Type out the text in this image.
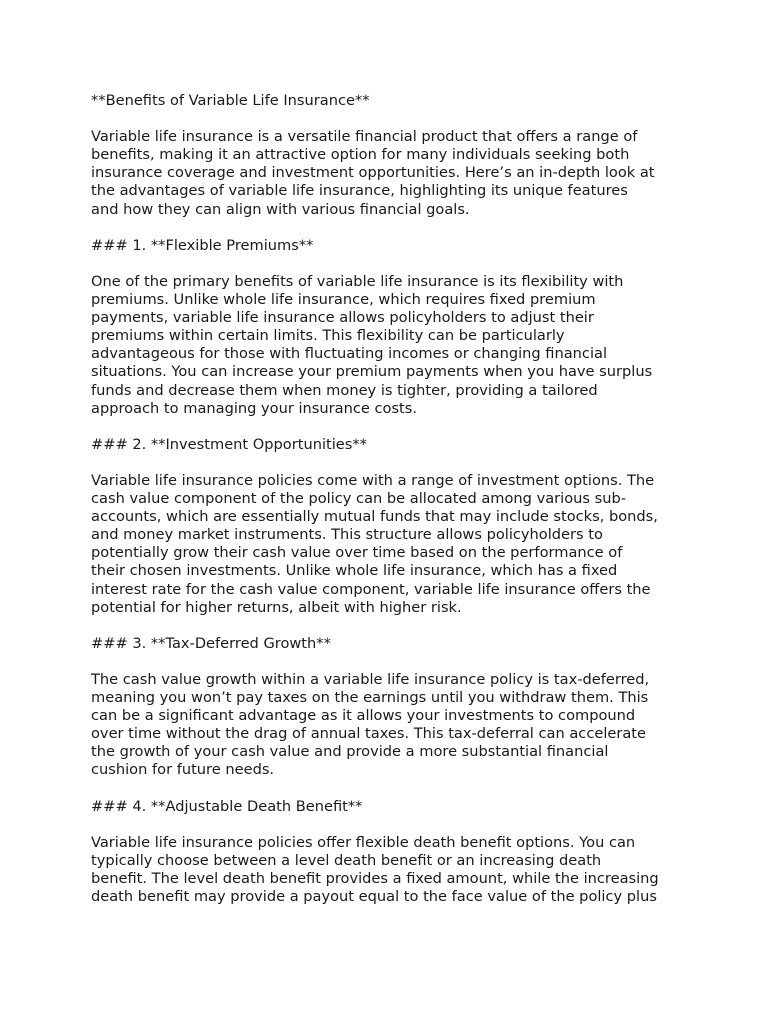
**Benefits of Variable Life Insurance**

Variable life insurance is a versatile financial product that offers a range of
benefits, making it an attractive option for many individuals seeking both
insurance coverage and investment opportunities. Here’s an in-depth look at
the advantages of variable life insurance, highlighting its unique features
and how they can align with various financial goals.

### 1. **Flexible Premiums**

One of the primary benefits of variable life insurance is its flexibility with
premiums. Unlike whole life insurance, which requires fixed premium
payments, variable life insurance allows policyholders to adjust their
premiums within certain limits. This flexibility can be particularly
advantageous for those with fluctuating incomes or changing financial
situations. You can increase your premium payments when you have surplus
funds and decrease them when money is tighter, providing a tailored
approach to managing your insurance costs.

### 2. **Investment Opportunities**

Variable life insurance policies come with a range of investment options. The
cash value component of the policy can be allocated among various sub-
accounts, which are essentially mutual funds that may include stocks, bonds,
and money market instruments. This structure allows policyholders to
potentially grow their cash value over time based on the performance of
their chosen investments. Unlike whole life insurance, which has a fixed
interest rate for the cash value component, variable life insurance offers the
potential for higher returns, albeit with higher risk.

### 3. **Tax-Deferred Growth**

The cash value growth within a variable life insurance policy is tax-deferred,
meaning you won’t pay taxes on the earnings until you withdraw them. This
can be a significant advantage as it allows your investments to compound
over time without the drag of annual taxes. This tax-deferral can accelerate
the growth of your cash value and provide a more substantial financial
cushion for future needs.

### 4. **Adjustable Death Benefit**

Variable life insurance policies offer flexible death benefit options. You can
typically choose between a level death benefit or an increasing death
benefit. The level death benefit provides a fixed amount, while the increasing
death benefit may provide a payout equal to the face value of the policy plus
